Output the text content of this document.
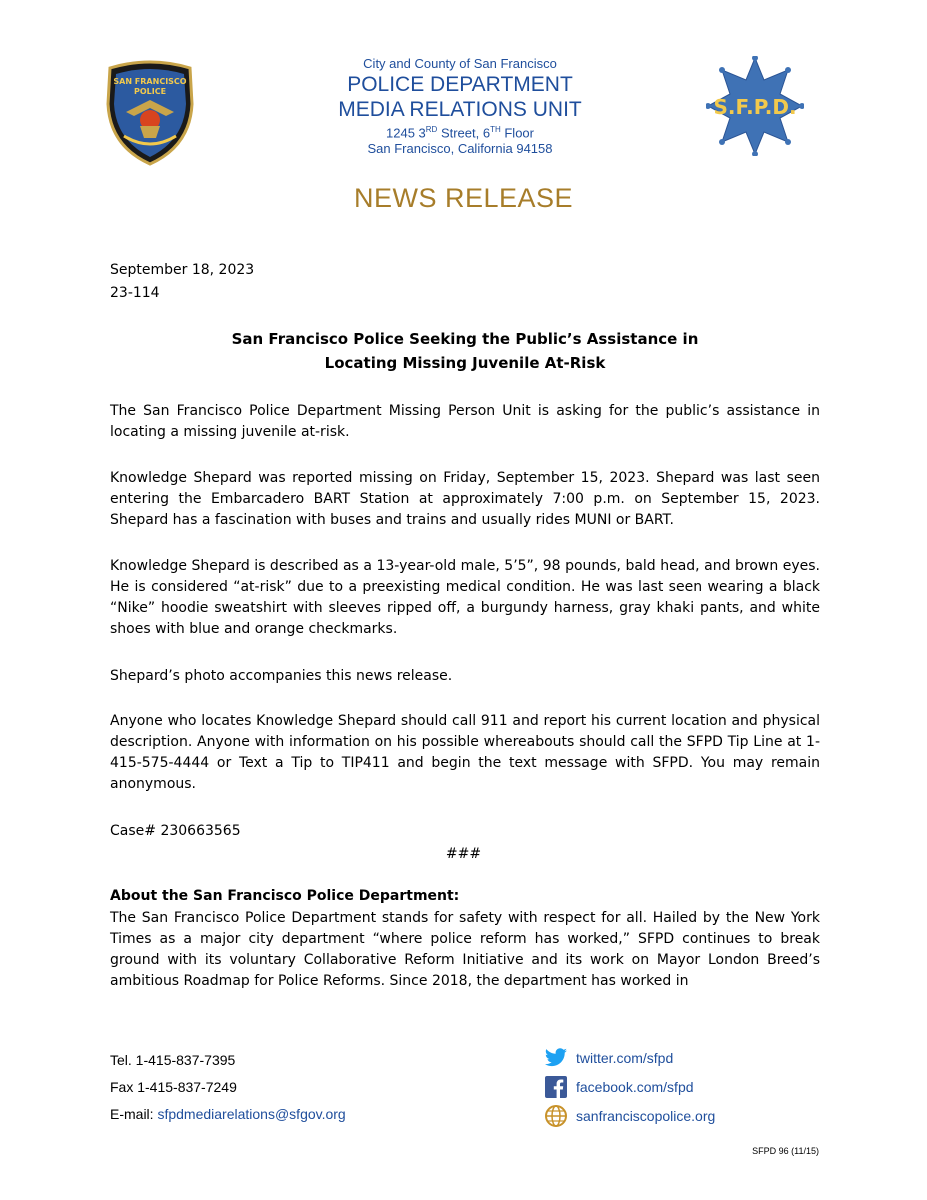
SAN FRANCISCO
POLICE
City and County of San Francisco
POLICE DEPARTMENT
MEDIA RELATIONS UNIT
1245 3RD Street, 6TH Floor
San Francisco, California 94158
S.F.P.D.
NEWS RELEASE
September 18, 2023
23-114
San Francisco Police Seeking the Public’s Assistance in
Locating Missing Juvenile At-Risk

The San Francisco Police Department Missing Person Unit is asking for the public’s assistance in locating a missing juvenile at-risk.

Knowledge Shepard was reported missing on Friday, September 15, 2023. Shepard was last seen entering the Embarcadero BART Station at approximately 7:00 p.m. on September 15, 2023. Shepard has a fascination with buses and trains and usually rides MUNI or BART.

Knowledge Shepard is described as a 13-year-old male, 5’5”, 98 pounds, bald head, and brown eyes. He is considered “at-risk” due to a preexisting medical condition. He was last seen wearing a black “Nike” hoodie sweatshirt with sleeves ripped off, a burgundy harness, gray khaki pants, and white shoes with blue and orange checkmarks.

Shepard’s photo accompanies this news release.

Anyone who locates Knowledge Shepard should call 911 and report his current location and physical description. Anyone with information on his possible whereabouts should call the SFPD Tip Line at 1-415-575-4444 or Text a Tip to TIP411 and begin the text message with SFPD. You may remain anonymous.

Case# 230663565
###
About the San Francisco Police Department:

The San Francisco Police Department stands for safety with respect for all. Hailed by the New York Times as a major city department “where police reform has worked,” SFPD continues to break ground with its voluntary Collaborative Reform Initiative and its work on Mayor London Breed’s ambitious Roadmap for Police Reforms. Since 2018, the department has worked in

Tel. 1-415-837-7395
Fax 1-415-837-7249
E-mail: sfpdmediarelations@sfgov.org
twitter.com/sfpd
facebook.com/sfpd
sanfranciscopolice.org
SFPD 96 (11/15)
